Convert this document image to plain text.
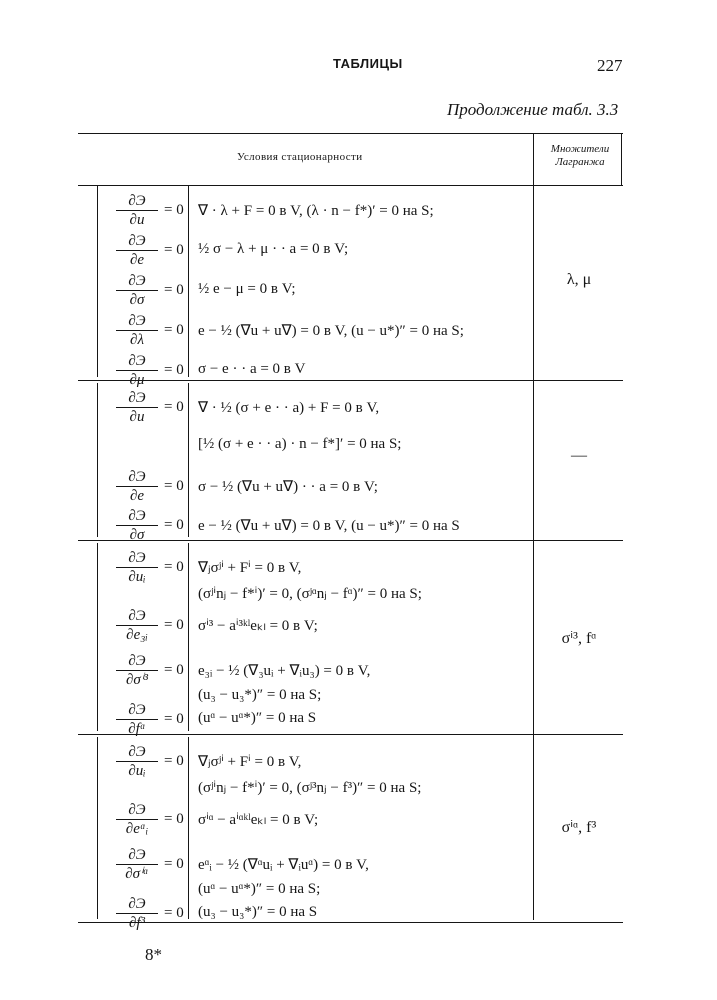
ТАБЛИЦЫ	227
Продолжение табл. 3.3
Условия стационарности
Множители Лагранжа
∂Э
∂u
= 0 ∇ · λ + F = 0 в V, (λ · n − f*)′ = 0 на S;
∂Э
∂e
= 0 ½ σ − λ + μ · · a = 0 в V;
∂Э
∂σ
= 0 ½ e − μ = 0 в V;
∂Э
∂λ
= 0 e − ½ (∇u + u∇) = 0 в V, (u − u*)″ = 0 на S;
∂Э
∂μ
= 0 σ − e · · a = 0 в V
λ, μ
∂Э
∂u
= 0 ∇ · ½ (σ + e · · a) + F = 0 в V,
[½ (σ + e · · a) · n − f*]′ = 0 на S;
∂Э
∂e
= 0 σ − ½ (∇u + u∇) · · a = 0 в V;
∂Э
∂σ
= 0 e − ½ (∇u + u∇) = 0 в V, (u − u*)″ = 0 на S
—
∂Э
∂uᵢ
= 0 ∇ⱼσʲⁱ + Fⁱ = 0 в V,
(σʲⁱnⱼ − f*ⁱ)′ = 0, (σʲᵅnⱼ − fᵅ)″ = 0 на S;
∂Э
∂e₃ᵢ
= 0 σⁱ³ − aⁱ³ᵏˡeₖₗ = 0 в V;
∂Э
∂σⁱ³
= 0 e₃ᵢ − ½ (∇₃uᵢ + ∇ᵢu₃) = 0 в V,
(u₃ − u₃*)″ = 0 на S;
∂Э
∂fᵅ
= 0 (uᵅ − uᵅ*)″ = 0 на S
σⁱ³, fᵅ
∂Э
∂uᵢ
= 0 ∇ⱼσʲⁱ + Fⁱ = 0 в V,
(σʲⁱnⱼ − f*ⁱ)′ = 0, (σʲ³nⱼ − f³)″ = 0 на S;
∂Э
∂eᵅᵢ
= 0 σⁱᵅ − aⁱᵅᵏˡeₖₗ = 0 в V;
∂Э
∂σⁱᵅ
= 0 eᵅᵢ − ½ (∇ᵅuᵢ + ∇ᵢuᵅ) = 0 в V,
(uᵅ − uᵅ*)″ = 0 на S;
∂Э
∂f³
= 0 (u₃ − u₃*)″ = 0 на S
σⁱᵅ, f³
8*
